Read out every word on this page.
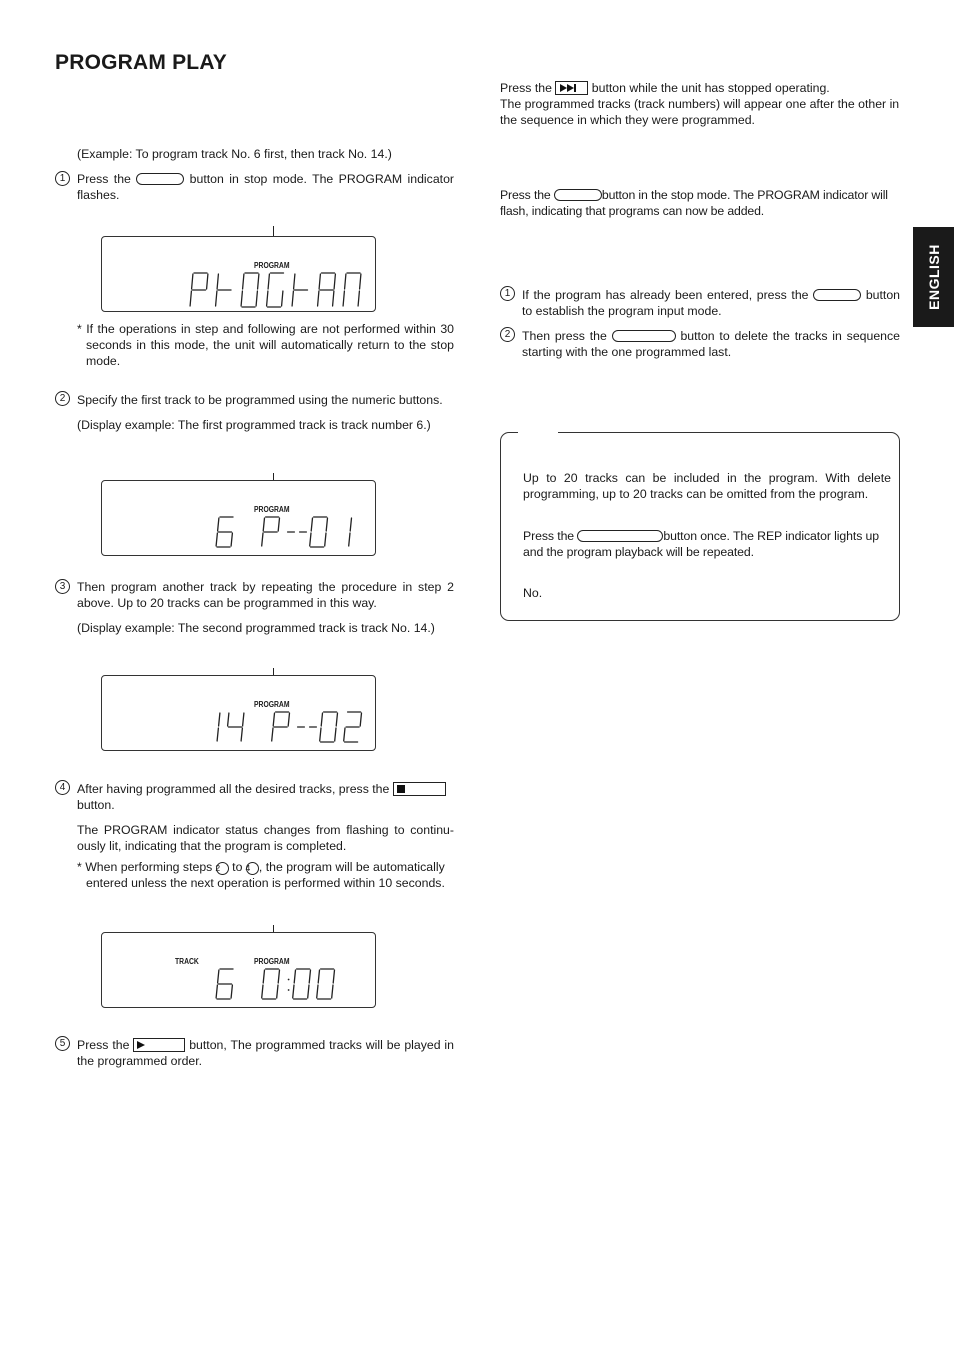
PROGRAM PLAY
ENGLISH

(Example: To program track No. 6 first, then track No. 14.)

1 Press the	button in stop mode. The PROGRAM indicator flashes.

PROGRAM

* If the operations in step and following are not performed within 30 seconds in this mode, the unit will automatically return to the stop mode.

2 Specify the first track to be programmed using the numeric buttons.

(Display example: The first programmed track is track number 6.)

PROGRAM
3 Then program another track by repeating the procedure in step 2 above. Up to 20 tracks can be programmed in this way.

(Display example: The second programmed track is track No. 14.)

PROGRAM
4 After having programmed all the desired tracks, press the
button.

The PROGRAM indicator status changes from flashing to continu-ously lit, indicating that the program is completed.

* When performing steps 2 to 4 , the program will be automatically entered unless the next operation is performed within 10 seconds.

TRACK	PROGRAM
5 Press the	button, The programmed tracks will be played in the programmed order.

Press the	button while the unit has stopped operating.
The programmed tracks (track numbers) will appear one after the other in the sequence in which they were programmed.

Press the	button in the stop mode. The PROGRAM indicator will flash, indicating that programs can now be added.

1 If the program has already been entered, press the	button to establish the program input mode.

2 Then press the	button to delete the tracks in sequence starting with the one programmed last.

Up to 20 tracks can be included in the program. With delete programming, up to 20 tracks can be omitted from the program.

Press the	button once. The REP indicator lights up and the program playback will be repeated.

No.
